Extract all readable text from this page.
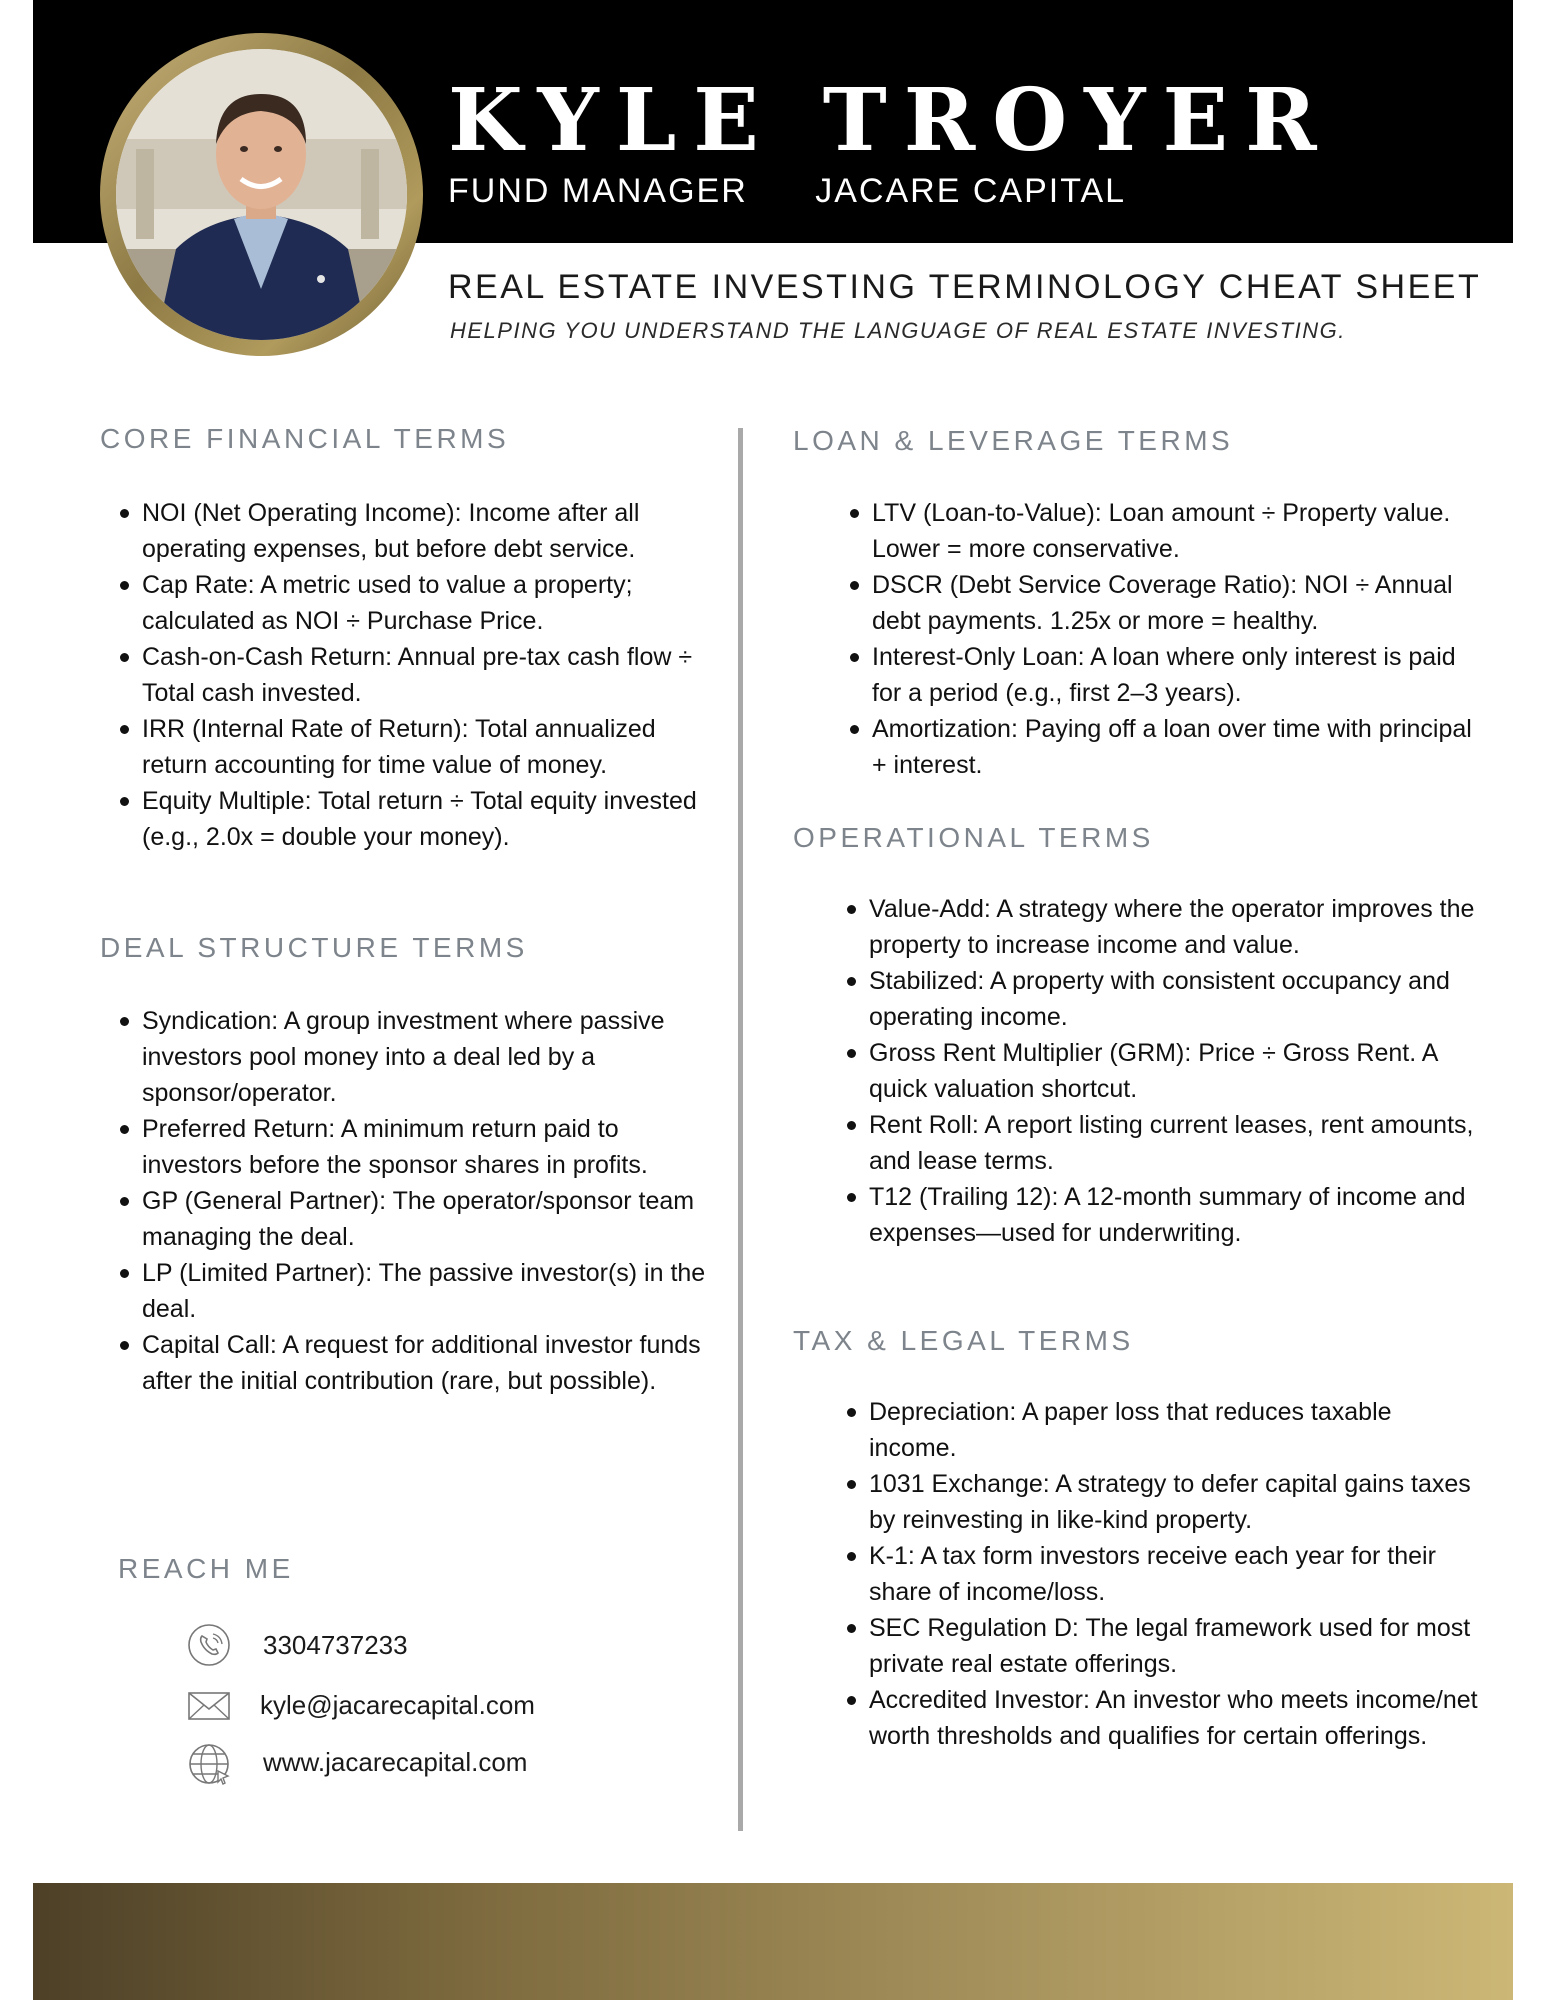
KYLE TROYER
FUND MANAGER JACARE CAPITAL
REAL ESTATE INVESTING TERMINOLOGY CHEAT SHEET
HELPING YOU UNDERSTAND THE LANGUAGE OF REAL ESTATE INVESTING.
CORE FINANCIAL TERMS
NOI (Net Operating Income): Income after all operating expenses, but before debt service.
Cap Rate: A metric used to value a property; calculated as NOI ÷ Purchase Price.
Cash-on-Cash Return: Annual pre-tax cash flow ÷ Total cash invested.
IRR (Internal Rate of Return): Total annualized return accounting for time value of money.
Equity Multiple: Total return ÷ Total equity invested (e.g., 2.0x = double your money).
DEAL STRUCTURE TERMS
Syndication: A group investment where passive investors pool money into a deal led by a sponsor/operator.
Preferred Return: A minimum return paid to investors before the sponsor shares in profits.
GP (General Partner): The operator/sponsor team managing the deal.
LP (Limited Partner): The passive investor(s) in the deal.
Capital Call: A request for additional investor funds after the initial contribution (rare, but possible).
REACH ME
3304737233
kyle@jacarecapital.com
www.jacarecapital.com
LOAN & LEVERAGE TERMS
LTV (Loan-to-Value): Loan amount ÷ Property value. Lower = more conservative.
DSCR (Debt Service Coverage Ratio): NOI ÷ Annual debt payments. 1.25x or more = healthy.
Interest-Only Loan: A loan where only interest is paid for a period (e.g., first 2–3 years).
Amortization: Paying off a loan over time with principal + interest.
OPERATIONAL TERMS
Value-Add: A strategy where the operator improves the property to increase income and value.
Stabilized: A property with consistent occupancy and operating income.
Gross Rent Multiplier (GRM): Price ÷ Gross Rent. A quick valuation shortcut.
Rent Roll: A report listing current leases, rent amounts, and lease terms.
T12 (Trailing 12): A 12-month summary of income and expenses—used for underwriting.
TAX & LEGAL TERMS
Depreciation: A paper loss that reduces taxable income.
1031 Exchange: A strategy to defer capital gains taxes by reinvesting in like-kind property.
K-1: A tax form investors receive each year for their share of income/loss.
SEC Regulation D: The legal framework used for most private real estate offerings.
Accredited Investor: An investor who meets income/net worth thresholds and qualifies for certain offerings.
